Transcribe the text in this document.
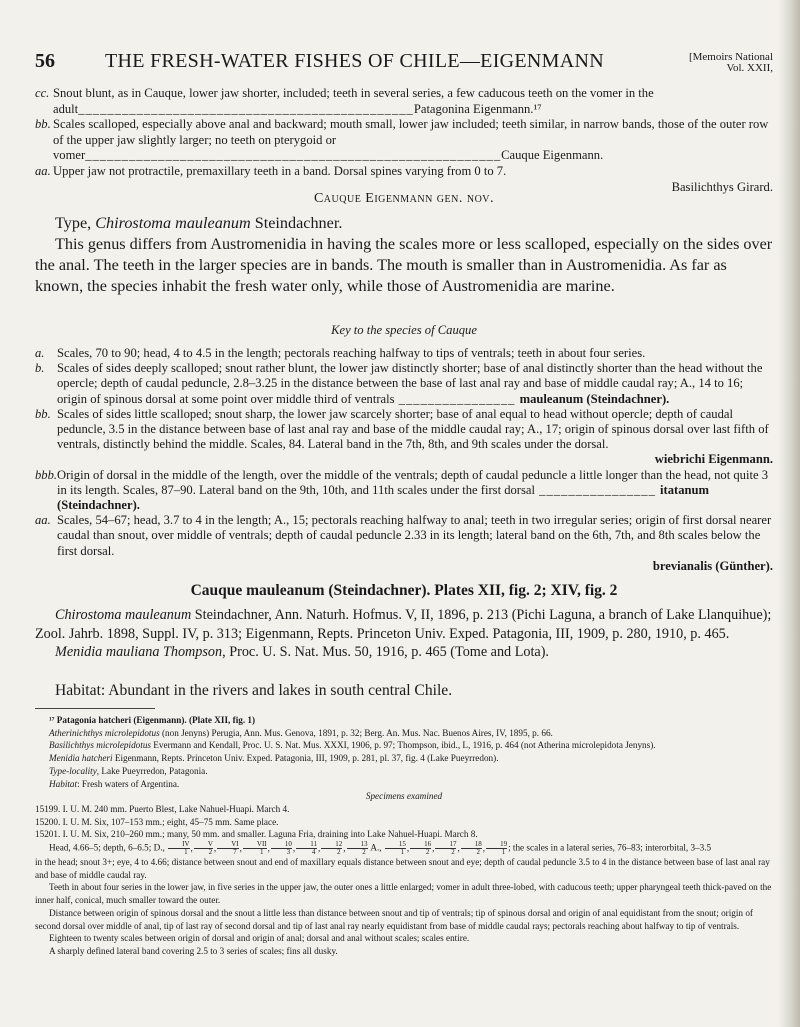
56	THE FRESH-WATER FISHES OF CHILE—EIGENMANN	[Memoirs National
Vol. XXII,

cc. Snout blunt, as in Cauque, lower jaw shorter, included; teeth in several series, a few caducous teeth on the vomer in the adult______________________________________________Patagonina Eigenmann.¹⁷

bb. Scales scalloped, especially above anal and backward; mouth small, lower jaw included; teeth similar, in narrow bands, those of the outer row of the upper jaw slightly larger; no teeth on pterygoid or vomer_________________________________________________________Cauque Eigenmann.

aa. Upper jaw not protractile, premaxillary teeth in a band. Dorsal spines varying from 0 to 7.

Basilichthys Girard.

Cauque Eigenmann gen. nov.

Type, Chirostoma mauleanum Steindachner.

This genus differs from Austromenidia in having the scales more or less scalloped, especially on the sides over the anal. The teeth in the larger species are in bands. The mouth is smaller than in Austromenidia. As far as known, the species inhabit the fresh water only, while those of Austromenidia are marine.

Key to the species of Cauque

a. Scales, 70 to 90; head, 4 to 4.5 in the length; pectorals reaching halfway to tips of ventrals; teeth in about four series.

b. Scales of sides deeply scalloped; snout rather blunt, the lower jaw distinctly shorter; base of anal distinctly shorter than the head without the opercle; depth of caudal peduncle, 2.8–3.25 in the distance between the base of last anal ray and base of middle caudal ray; A., 14 to 16; origin of spinous dorsal at some point over middle third of ventrals ________________ mauleanum (Steindachner).

bb. Scales of sides little scalloped; snout sharp, the lower jaw scarcely shorter; base of anal equal to head without opercle; depth of caudal peduncle, 3.5 in the distance between base of last anal ray and base of the middle caudal ray; A., 17; origin of spinous dorsal over last fifth of ventrals, distinctly behind the middle. Scales, 84. Lateral band in the 7th, 8th, and 9th scales under the dorsal.

wiebrichi Eigenmann.

bbb.Origin of dorsal in the middle of the length, over the middle of the ventrals; depth of caudal peduncle a little longer than the head, not quite 3 in its length. Scales, 87–90. Lateral band on the 9th, 10th, and 11th scales under the first dorsal ________________ itatanum (Steindachner).

aa. Scales, 54–67; head, 3.7 to 4 in the length; A., 15; pectorals reaching halfway to anal; teeth in two irregular series; origin of first dorsal nearer caudal than snout, over middle of ventrals; depth of caudal peduncle 2.33 in its length; lateral band on the 6th, 7th, and 8th scales below the first dorsal.

brevianalis (Günther).

Cauque mauleanum (Steindachner). Plates XII, fig. 2; XIV, fig. 2

Chirostoma mauleanum Steindachner, Ann. Naturh. Hofmus. V, II, 1896, p. 213 (Pichi Laguna, a branch of Lake Llanquihue); Zool. Jahrb. 1898, Suppl. IV, p. 313; Eigenmann, Repts. Princeton Univ. Exped. Patagonia, III, 1909, p. 280, 1910, p. 465.

Menidia mauliana Thompson, Proc. U. S. Nat. Mus. 50, 1916, p. 465 (Tome and Lota).

Habitat: Abundant in the rivers and lakes in south central Chile.

¹⁷ Patagonia hatcheri (Eigenmann). (Plate XII, fig. 1)

Atherinichthys microlepidotus (non Jenyns) Perugia, Ann. Mus. Genova, 1891, p. 32; Berg. An. Mus. Nac. Buenos Aires, IV, 1895, p. 66.

Basilichthys microlepidotus Evermann and Kendall, Proc. U. S. Nat. Mus. XXXI, 1906, p. 97; Thompson, ibid., L, 1916, p. 464 (not Atherina microlepidota Jenyns).

Menidia hatcheri Eigenmann, Repts. Princeton Univ. Exped. Patagonia, III, 1909, p. 281, pl. 37, fig. 4 (Lake Pueyrredon).

Type-locality, Lake Pueyrredon, Patagonia.

Habitat: Fresh waters of Argentina.

Specimens examined

15199. I. U. M. 240 mm. Puerto Blest, Lake Nahuel-Huapi. March 4.

15200. I. U. M. Six, 107–153 mm.; eight, 45–75 mm. Same place.

15201. I. U. M. Six, 210–260 mm.; many, 50 mm. and smaller. Laguna Fria, draining into Lake Nahuel-Huapi. March 8.

Head, 4.66–5; depth, 6–6.5; D., $\frac{IV}{1}$ , $\frac{V}{2}$ , $\frac{VI}{7}$ ,	VII
1 , $\frac{10}{3}$ , $\frac{11}{4}$ , $\frac{12}{2}$ , $\frac{13}{2} A$., $\frac{15}{1}$ , $\frac{16}{2}$ , $\frac{17}{2}$ , $\frac{18}{2}$ , $\frac{19}{1}$ ; the scales in a lateral series, 76–83; interorbital, 3–3.5

in the head; snout 3+; eye, 4 to 4.66; distance between snout and end of maxillary equals distance between snout and eye; depth of caudal peduncle 3.5 to 4 in the distance between base of last anal ray and base of middle caudal ray.

Teeth in about four series in the lower jaw, in five series in the upper jaw, the outer ones a little enlarged; vomer in adult three-lobed, with caducous teeth; upper pharyngeal teeth thick-paved on the inner half, conical, much smaller toward the outer.

Distance between origin of spinous dorsal and the snout a little less than distance between snout and tip of ventrals; tip of spinous dorsal and origin of anal equidistant from the snout; origin of second dorsal over middle of anal, tip of last ray of second dorsal and tip of last anal ray nearly equidistant from base of middle caudal rays; pectorals reaching about halfway to tip of ventrals.

Eighteen to twenty scales between origin of dorsal and origin of anal; dorsal and anal without scales; scales entire.

A sharply defined lateral band covering 2.5 to 3 series of scales; fins all dusky.
